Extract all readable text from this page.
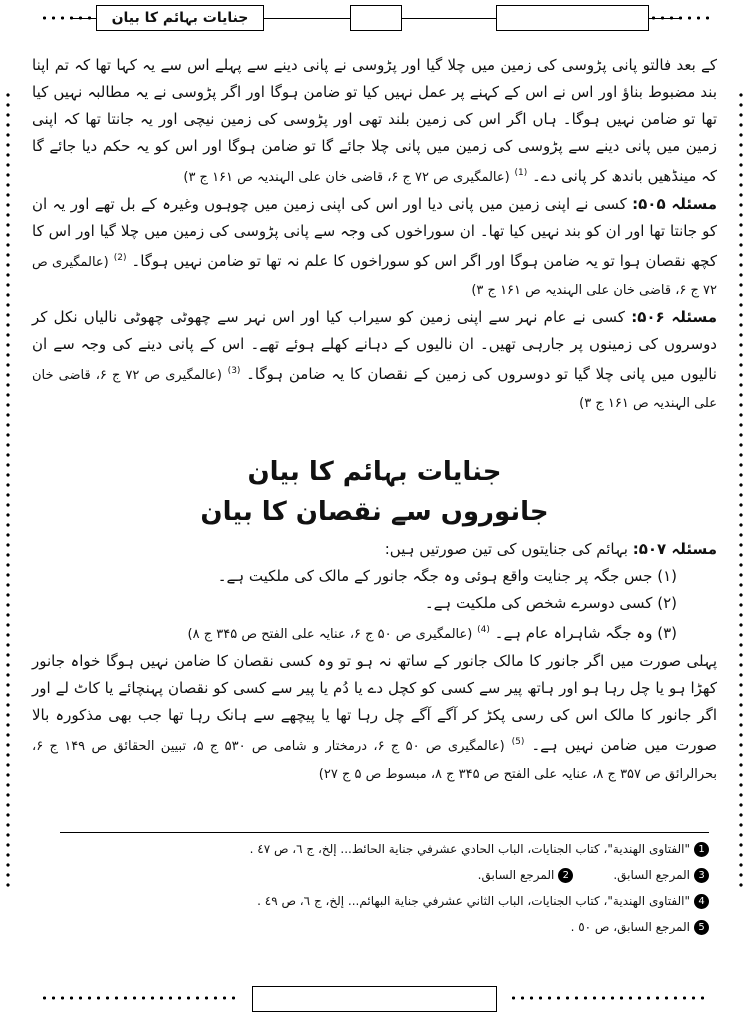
جنایات بہائم کا بیان

کے بعد فالتو پانی پڑوسی کی زمین میں چلا گیا اور پڑوسی نے پانی دینے سے پہلے اس سے یہ کہا تھا کہ تم اپنا بند مضبوط بناؤ اور اس نے اس کے کہنے پر عمل نہیں کیا تو ضامن ہوگا اور اگر پڑوسی نے یہ مطالبہ نہیں کیا تھا تو ضامن نہیں ہوگا۔ ہاں اگر اس کی زمین بلند تھی اور پڑوسی کی زمین نیچی اور یہ جانتا تھا کہ اپنی زمین میں پانی دینے سے پڑوسی کی زمین میں پانی چلا جائے گا تو ضامن ہوگا اور اس کو یہ حکم دیا جائے گا کہ مینڈھیں باندھ کر پانی دے۔ $^{(1)}$ (عالمگیری ص ۷۲ ج ۶، قاضی خان علی الہندیہ ص ۱۶۱ ج ۳)

مسئلہ ۵۰۵: کسی نے اپنی زمین میں پانی دیا اور اس کی اپنی زمین میں چوہوں وغیرہ کے بل تھے اور یہ ان کو جانتا تھا اور ان کو بند نہیں کیا تھا۔ ان سوراخوں کی وجہ سے پانی پڑوسی کی زمین میں چلا گیا اور اس کا کچھ نقصان ہوا تو یہ ضامن ہوگا اور اگر اس کو سوراخوں کا علم نہ تھا تو ضامن نہیں ہوگا۔ $^{(2)}$ (عالمگیری ص ۷۲ ج ۶، قاضی خان علی الہندیہ ص ۱۶۱ ج ۳)

مسئلہ ۵۰۶: کسی نے عام نہر سے اپنی زمین کو سیراب کیا اور اس نہر سے چھوٹی چھوٹی نالیاں نکل کر دوسروں کی زمینوں پر جارہی تھیں۔ ان نالیوں کے دہانے کھلے ہوئے تھے۔ اس کے پانی دینے کی وجہ سے ان نالیوں میں پانی چلا گیا تو دوسروں کی زمین کے نقصان کا یہ ضامن ہوگا۔ $^{(3)}$ (عالمگیری ص ۷۲ ج ۶، قاضی خان علی الہندیہ ص ۱۶۱ ج ۳)

جنایات بہائم کا بیان

جانوروں سے نقصان کا بیان

مسئلہ ۵۰۷: بہائم کی جنایتوں کی تین صورتیں ہیں:

(۱) جس جگہ پر جنایت واقع ہوئی وہ جگہ جانور کے مالک کی ملکیت ہے۔

(۲) کسی دوسرے شخص کی ملکیت ہے۔

(۳) وہ جگہ شاہراہ عام ہے۔ $^{(4)}$ (عالمگیری ص ۵۰ ج ۶، عنایہ علی الفتح ص ۳۴۵ ج ۸)

پہلی صورت میں اگر جانور کا مالک جانور کے ساتھ نہ ہو تو وہ کسی نقصان کا ضامن نہیں ہوگا خواہ جانور کھڑا ہو یا چل رہا ہو اور ہاتھ پیر سے کسی کو کچل دے یا دُم یا پیر سے کسی کو نقصان پہنچائے یا کاٹ لے اور اگر جانور کا مالک اس کی رسی پکڑ کر آگے آگے چل رہا تھا یا پیچھے سے ہانک رہا تھا جب بھی مذکورہ بالا صورت میں ضامن نہیں ہے۔ $^{(5)}$ (عالمگیری ص ۵۰ ج ۶، درمختار و شامی ص ۵۳۰ ج ۵، تبیین الحقائق ص ۱۴۹ ج ۶، بحرالرائق ص ۳۵۷ ج ۸، عنایہ علی الفتح ص ۳۴۵ ج ۸، مبسوط ص ۵ ج ۲۷)

1
"الفتاوى الهندية"، كتاب الجنايات، الباب الحادي عشرفي جناية الحائط... إلخ، ج ٦، ص ٤٧ .
2
المرجع السابق.	3
المرجع السابق.
4
"الفتاوى الهندية"، كتاب الجنايات، الباب الثاني عشرفي جناية البهائم... إلخ، ج ٦، ص ٤٩ .
5
المرجع السابق، ص ٥٠ .
